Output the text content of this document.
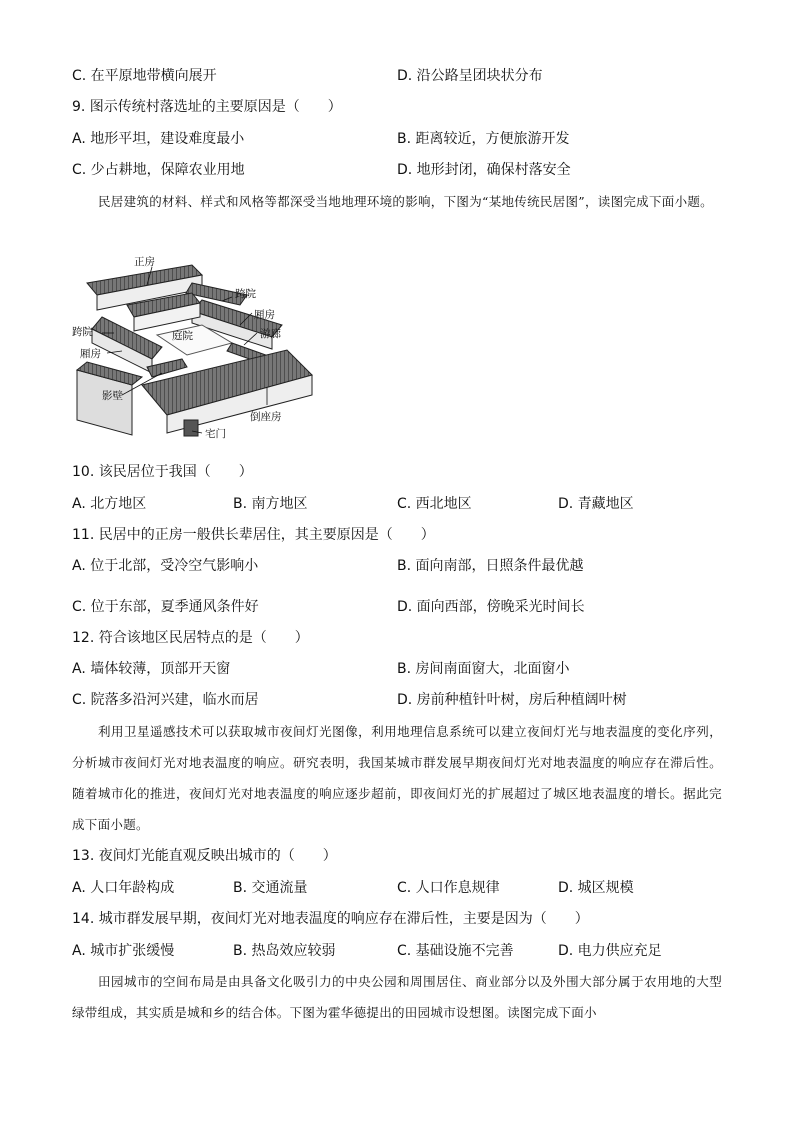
C. 在平原地带横向展开	D. 沿公路呈团块状分布
9. 图示传统村落选址的主要原因是（　　）
A. 地形平坦，建设难度最小	B. 距离较近，方便旅游开发
C. 少占耕地，保障农业用地	D. 地形封闭，确保村落安全
民居建筑的材料、样式和风格等都深受当地地理环境的影响，下图为“某地传统民居图”，读图完成下面小题。
正房
跨院
厢房
游廊
庭院
跨院
厢房
影壁
倒座房
宅门
10. 该民居位于我国（　　）
A. 北方地区	B. 南方地区	C. 西北地区	D. 青藏地区
11. 民居中的正房一般供长辈居住，其主要原因是（　　）
A. 位于北部，受冷空气影响小	B. 面向南部，日照条件最优越
C. 位于东部，夏季通风条件好	D. 面向西部，傍晚采光时间长
12. 符合该地区民居特点的是（　　）
A. 墙体较薄，顶部开天窗	B. 房间南面窗大，北面窗小
C. 院落多沿河兴建，临水而居	D. 房前种植针叶树，房后种植阔叶树
利用卫星遥感技术可以获取城市夜间灯光图像，利用地理信息系统可以建立夜间灯光与地表温度的变化序列，分析城市夜间灯光对地表温度的响应。研究表明，我国某城市群发展早期夜间灯光对地表温度的响应存在滞后性。随着城市化的推进，夜间灯光对地表温度的响应逐步超前，即夜间灯光的扩展超过了城区地表温度的增长。据此完成下面小题。
13. 夜间灯光能直观反映出城市的（　　）
A. 人口年龄构成	B. 交通流量	C. 人口作息规律	D. 城区规模
14. 城市群发展早期，夜间灯光对地表温度的响应存在滞后性，主要是因为（　　）
A. 城市扩张缓慢	B. 热岛效应较弱	C. 基础设施不完善	D. 电力供应充足
田园城市的空间布局是由具备文化吸引力的中央公园和周围居住、商业部分以及外围大部分属于农用地的大型绿带组成，其实质是城和乡的结合体。下图为霍华德提出的田园城市设想图。读图完成下面小
